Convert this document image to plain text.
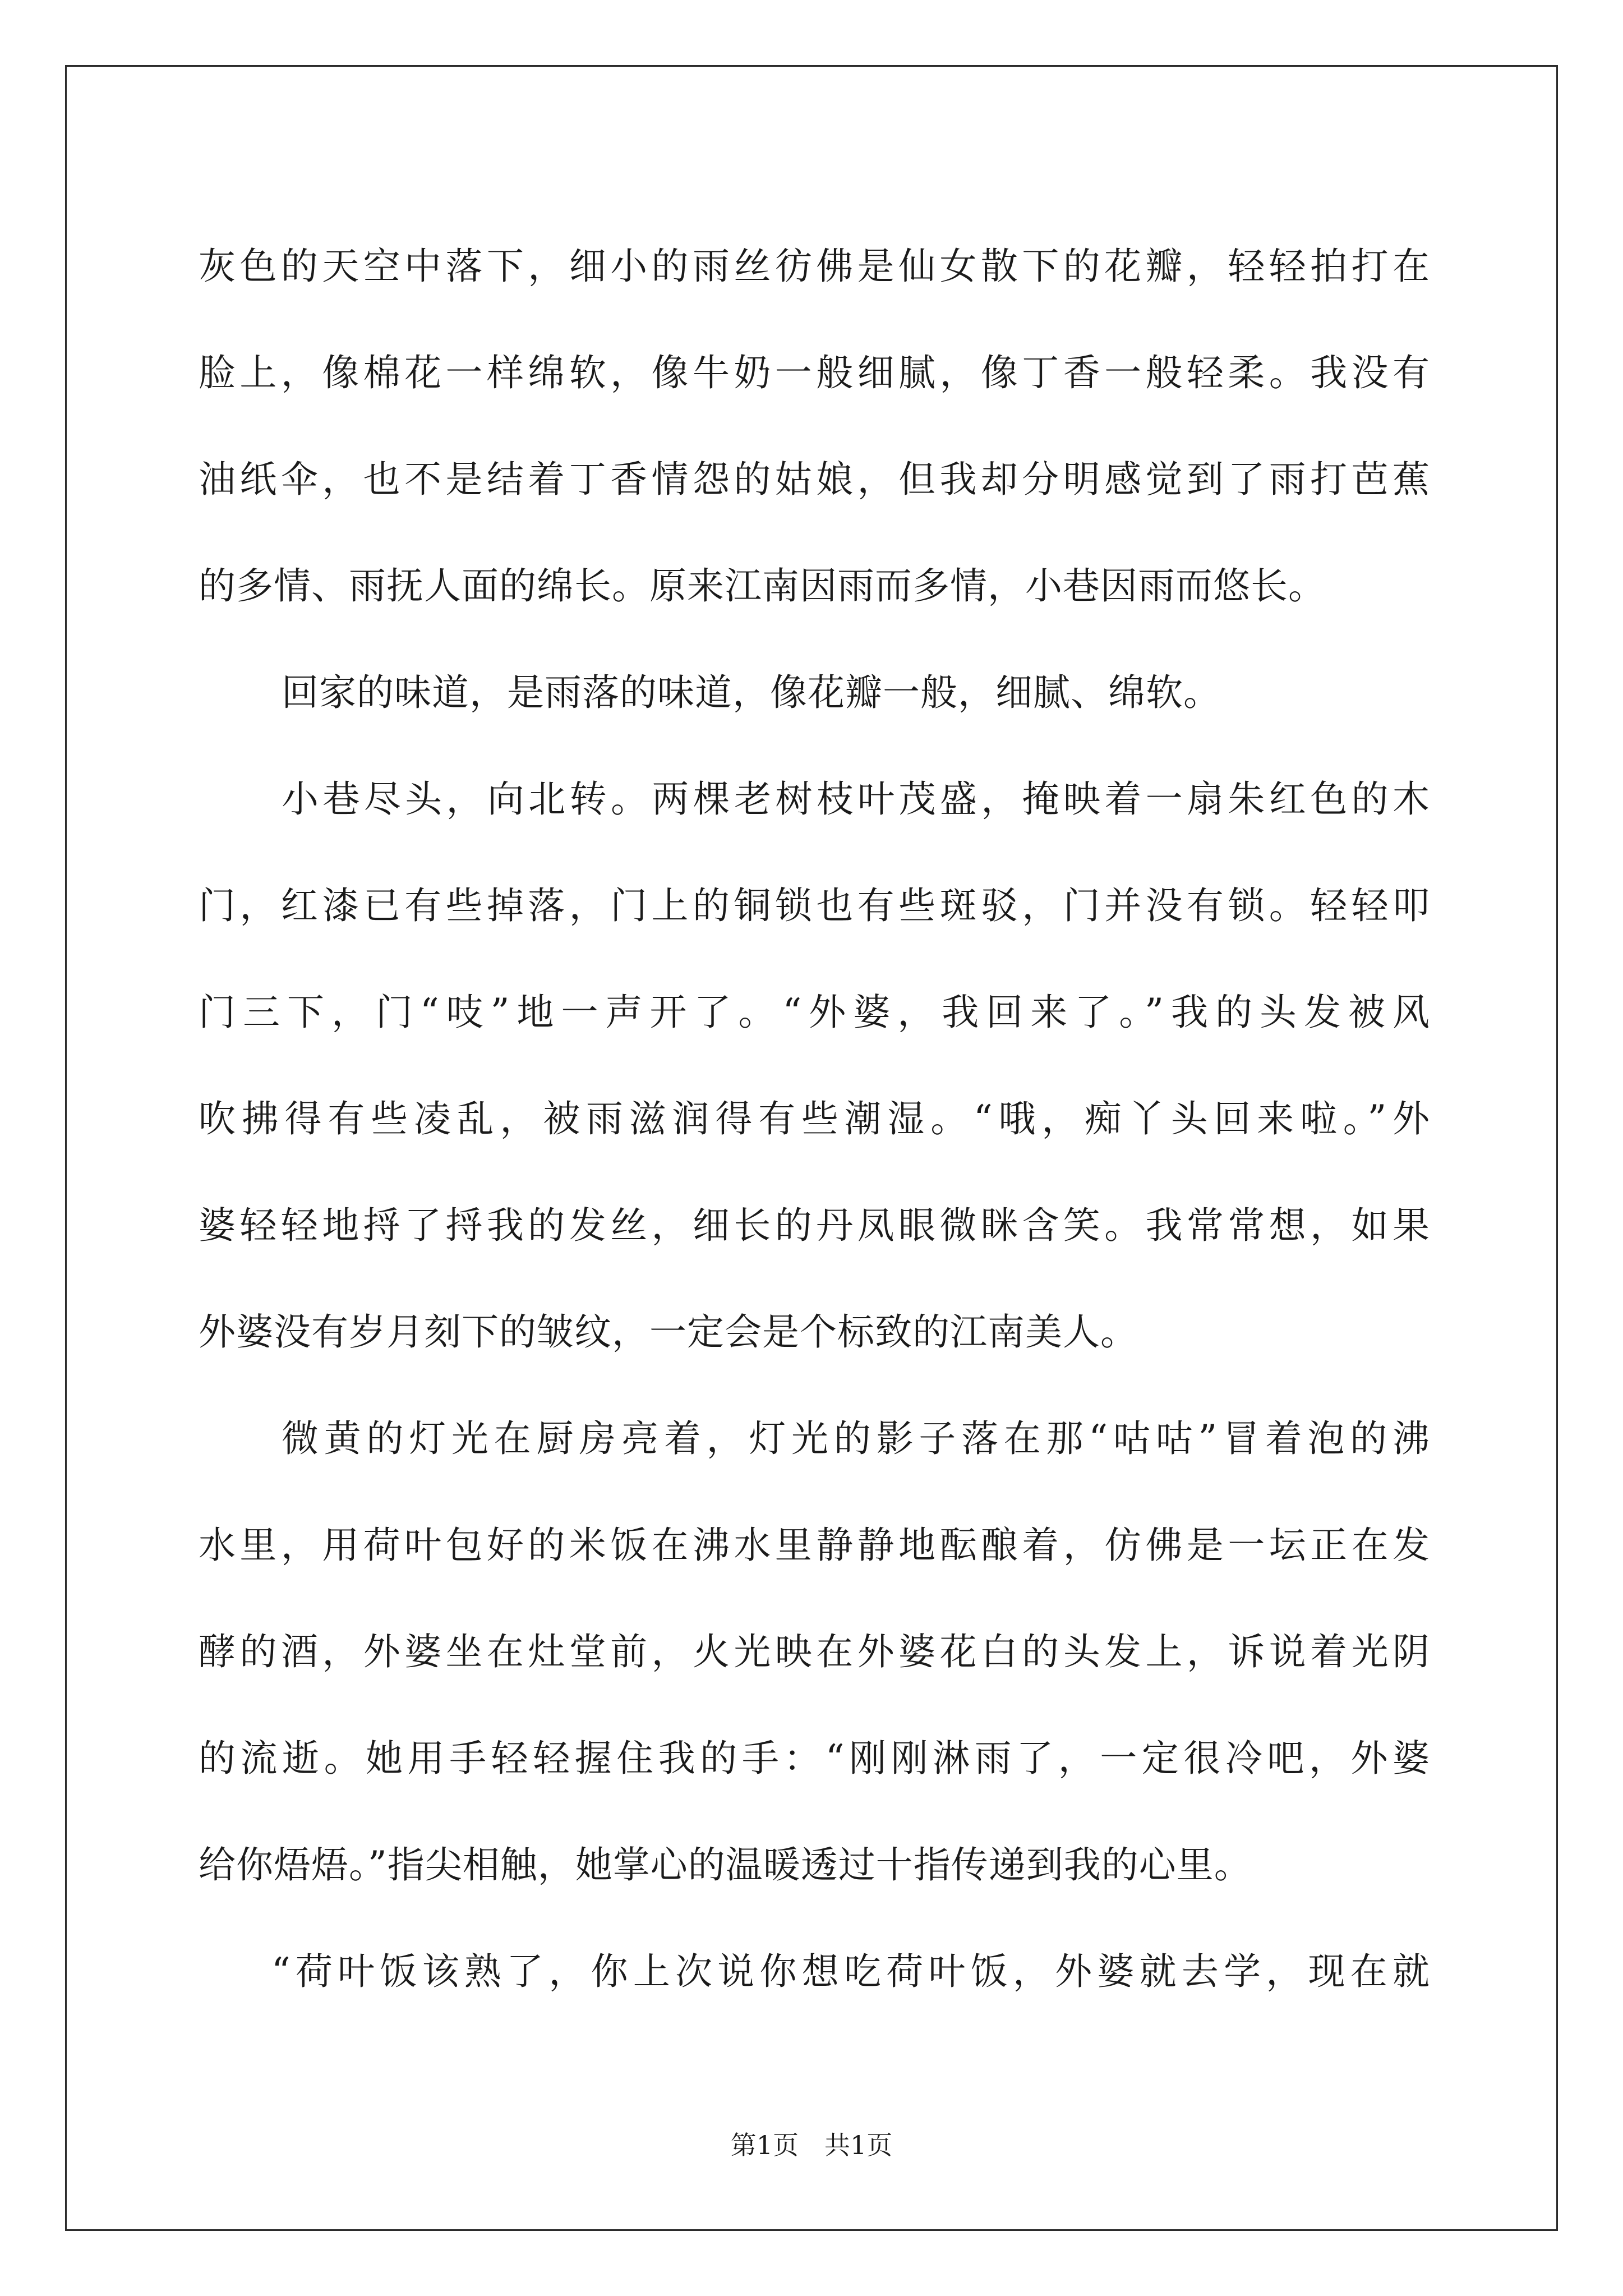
灰色的天空中落下，细小的雨丝彷佛是仙女散下的花瓣，轻轻拍打在
脸上，像棉花一样绵软，像牛奶一般细腻，像丁香一般轻柔。我没有
油纸伞，也不是结着丁香情怨的姑娘，但我却分明感觉到了雨打芭蕉
的多情、雨抚人面的绵长。原来江南因雨而多情，小巷因雨而悠长。
回家的味道，是雨落的味道，像花瓣一般，细腻、绵软。
小巷尽头，向北转。两棵老树枝叶茂盛，掩映着一扇朱红色的木
门，红漆已有些掉落，门上的铜锁也有些斑驳，门并没有锁。轻轻叩
门三下，门“吱”地一声开了。“外婆，我回来了。”我的头发被风
吹拂得有些凌乱，被雨滋润得有些潮湿。“哦，痴丫头回来啦。”外
婆轻轻地捋了捋我的发丝，细长的丹凤眼微眯含笑。我常常想，如果
外婆没有岁月刻下的皱纹，一定会是个标致的江南美人。
微黄的灯光在厨房亮着，灯光的影子落在那“咕咕”冒着泡的沸
水里，用荷叶包好的米饭在沸水里静静地酝酿着，仿佛是一坛正在发
酵的酒，外婆坐在灶堂前，火光映在外婆花白的头发上，诉说着光阴
的流逝。她用手轻轻握住我的手：“刚刚淋雨了，一定很冷吧，外婆
给你焐焐。”指尖相触，她掌心的温暖透过十指传递到我的心里。
“荷叶饭该熟了，你上次说你想吃荷叶饭，外婆就去学，现在就
第1页 共1页
